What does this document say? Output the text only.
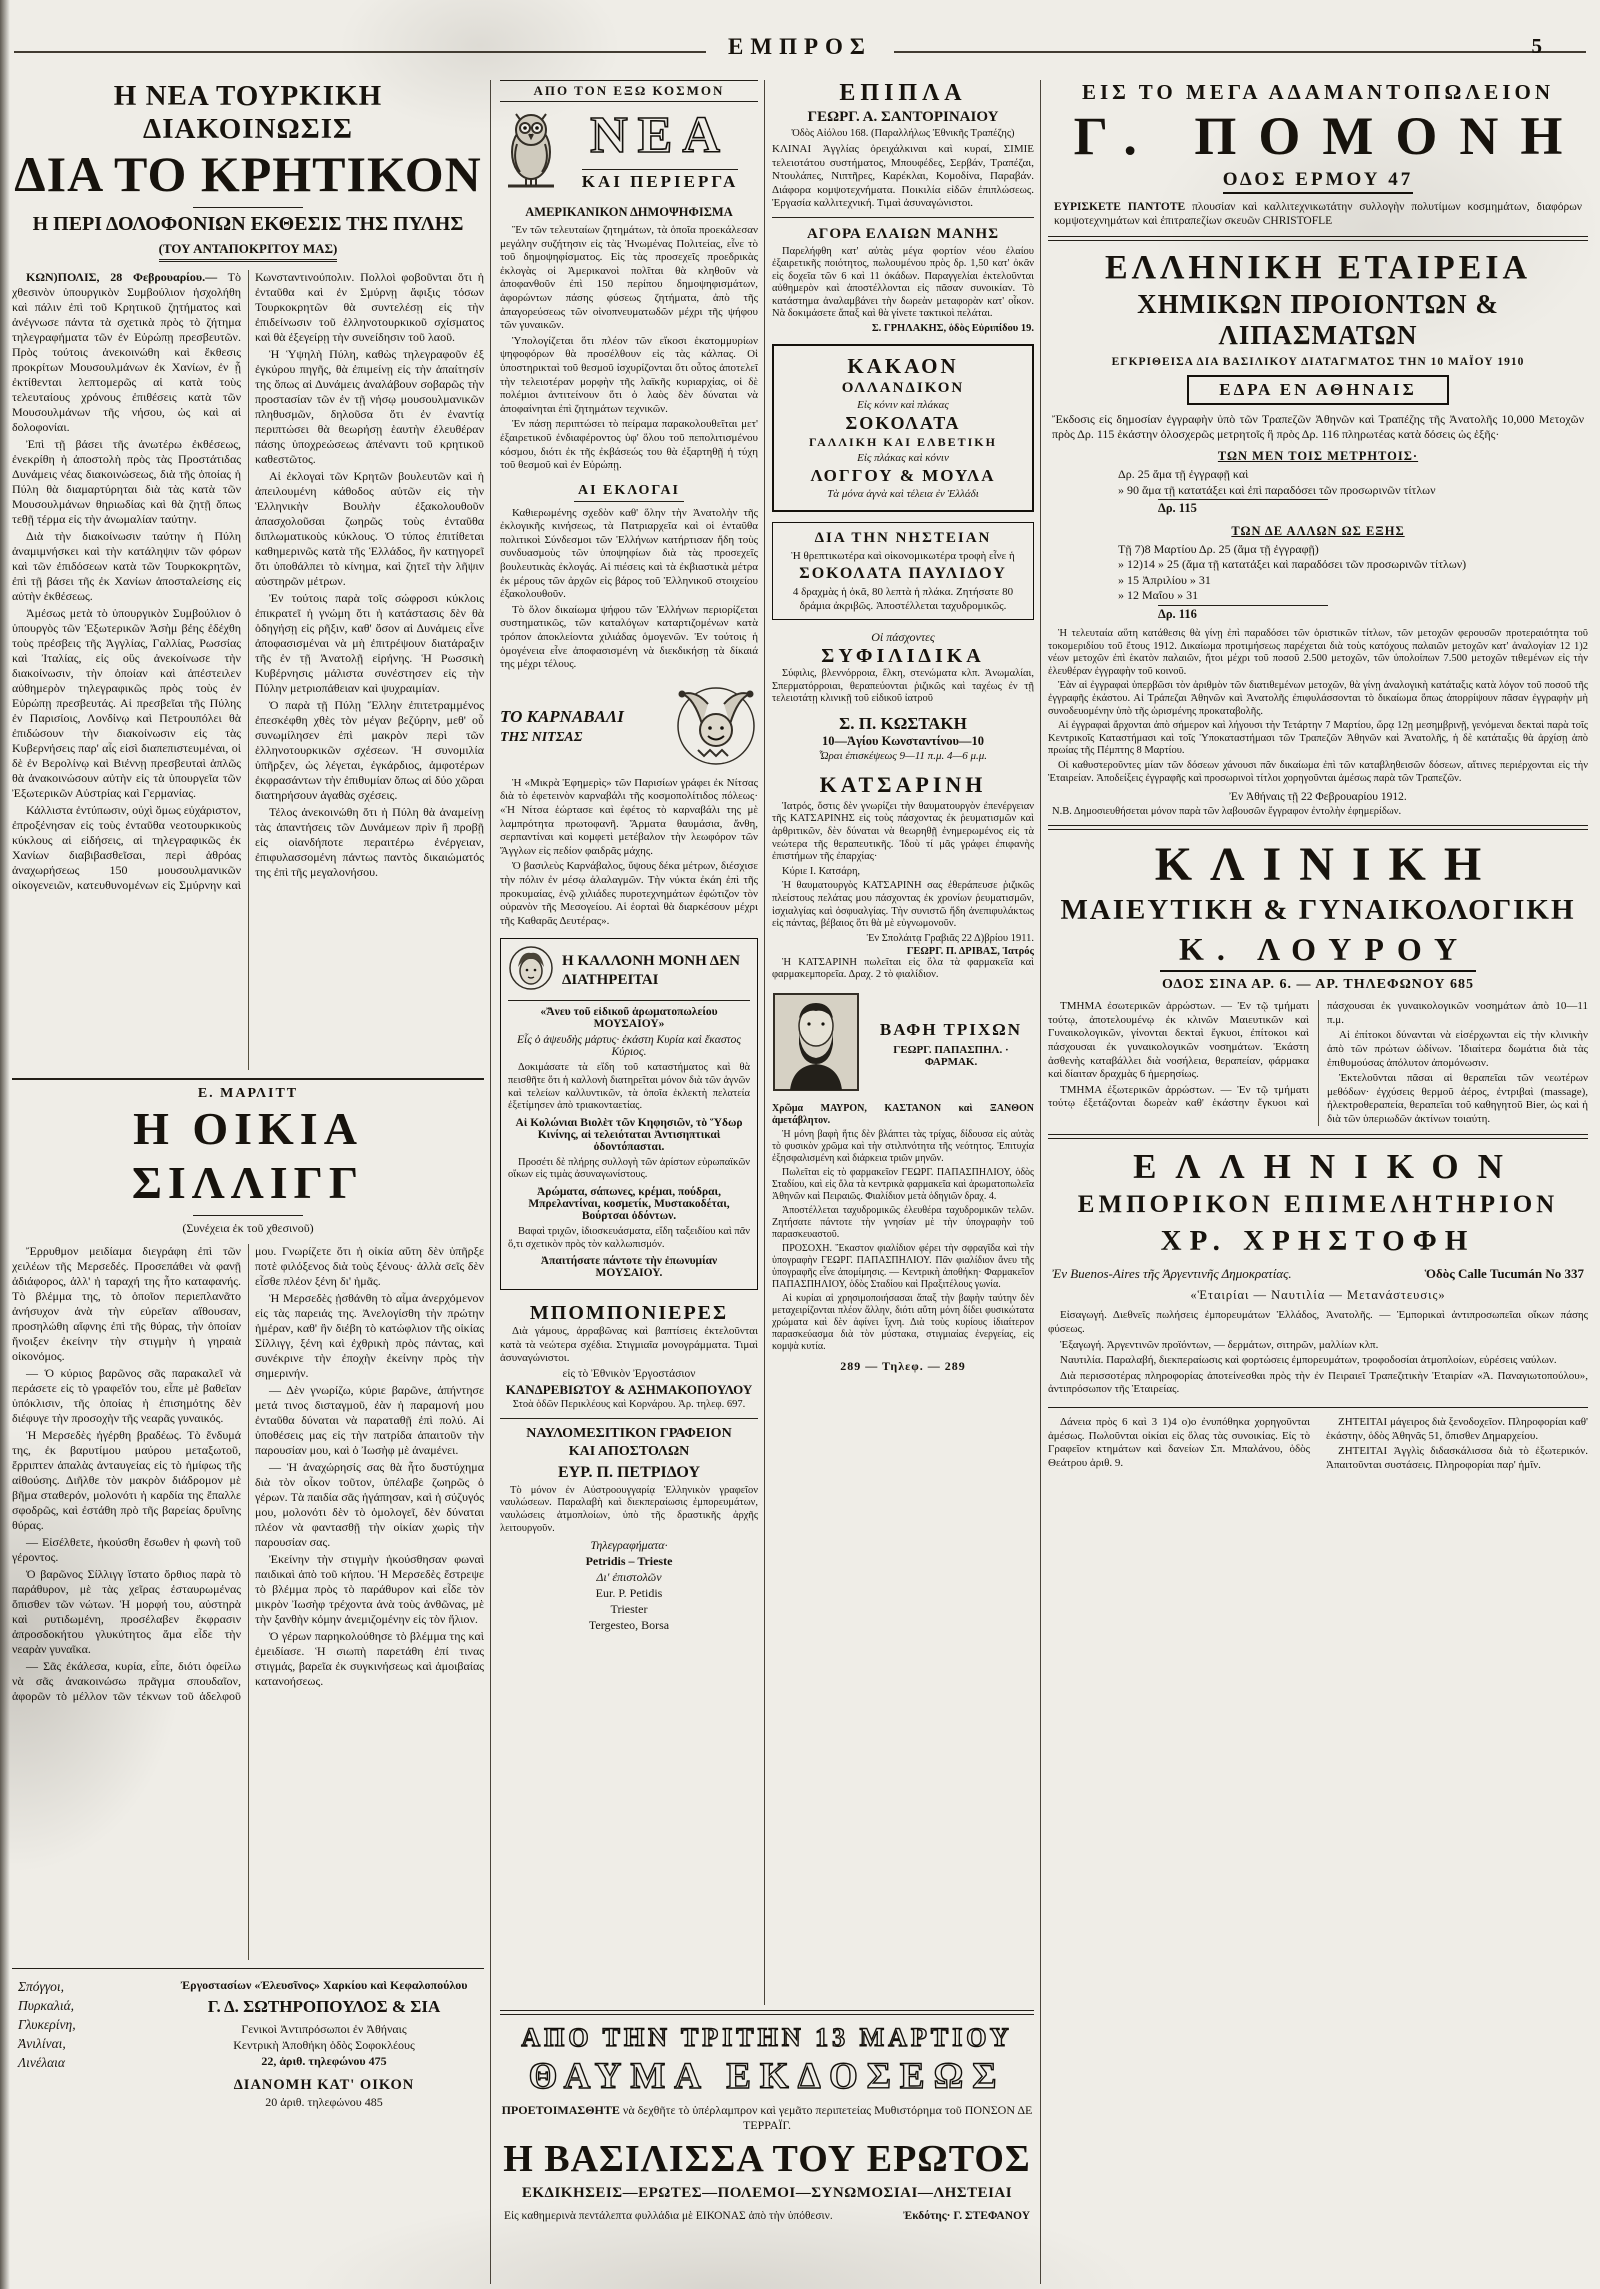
ΕΜΠΡΟΣ	5
Η ΝΕΑ ΤΟΥΡΚΙΚΗ ΔΙΑΚΟΙΝΩΣΙΣ
ΔΙΑ ΤΟ ΚΡΗΤΙΚΟΝ
Η ΠΕΡΙ ΔΟΛΟΦΟΝΙΩΝ ΕΚΘΕΣΙΣ ΤΗΣ ΠΥΛΗΣ
(ΤΟΥ ΑΝΤΑΠΟΚΡΙΤΟΥ ΜΑΣ)

ΚΩΝ)ΠΟΛΙΣ, 28 Φεβρουαρίου.— Τὸ χθεσινὸν ὑπουργικὸν Συμβούλιον ἠσχολήθη καὶ πάλιν ἐπὶ τοῦ Κρητικοῦ ζητήματος καὶ ἀνέγνωσε πάντα τὰ σχετικὰ πρὸς τὸ ζήτημα τηλεγραφήματα τῶν ἐν Εὐρώπῃ πρεσβευτῶν. Πρὸς τούτοις ἀνεκοινώθη καὶ ἔκθεσις προκρίτων Μουσουλμάνων ἐκ Χανίων, ἐν ᾗ ἐκτίθενται λεπτομερῶς αἱ κατὰ τοὺς τελευταίους χρόνους ἐπιθέσεις κατὰ τῶν Μουσουλμάνων τῆς νήσου, ὡς καὶ αἱ δολοφονίαι.

Ἐπὶ τῇ βάσει τῆς ἀνωτέρω ἐκθέσεως, ἐνεκρίθη ἡ ἀποστολὴ πρὸς τὰς Προστάτιδας Δυνάμεις νέας διακοινώσεως, διὰ τῆς ὁποίας ἡ Πύλη θὰ διαμαρτύρηται διὰ τὰς κατὰ τῶν Μουσουλμάνων θηριωδίας καὶ θὰ ζητῇ ὅπως τεθῇ τέρμα εἰς τὴν ἀνωμαλίαν ταύτην.

Διὰ τὴν διακοίνωσιν ταύτην ἡ Πύλη ἀναμιμνήσκει καὶ τὴν κατάληψιν τῶν φόρων καὶ τῶν ἐπιδόσεων κατὰ τῶν Τουρκοκρητῶν, ἐπὶ τῇ βάσει τῆς ἐκ Χανίων ἀποσταλείσης εἰς αὐτὴν ἐκθέσεως.

Ἀμέσως μετὰ τὸ ὑπουργικὸν Συμβούλιον ὁ ὑπουργὸς τῶν Ἐξωτερικῶν Ἀσὴμ βέης ἐδέχθη τοὺς πρέσβεις τῆς Ἀγγλίας, Γαλλίας, Ρωσσίας καὶ Ἰταλίας, εἰς οὓς ἀνεκοίνωσε τὴν διακοίνωσιν, τὴν ὁποίαν καὶ ἀπέστειλεν αὐθημερὸν τηλεγραφικῶς πρὸς τοὺς ἐν Εὐρώπῃ πρεσβευτάς. Αἱ πρεσβεῖαι τῆς Πύλης ἐν Παρισίοις, Λονδίνῳ καὶ Πετρουπόλει θὰ ἐπιδώσουν τὴν διακοίνωσιν εἰς τὰς Κυβερνήσεις παρ' αἷς εἰσὶ διαπεπιστευμέναι, οἱ δὲ ἐν Βερολίνῳ καὶ Βιέννῃ πρεσβευταὶ ἁπλῶς θὰ ἀνακοινώσουν αὐτὴν εἰς τὰ ὑπουργεῖα τῶν Ἐξωτερικῶν Αὐστρίας καὶ Γερμανίας.

Κάλλιστα ἐντύπωσιν, οὐχὶ ὅμως εὐχάριστον, ἐπροξένησαν εἰς τοὺς ἐνταῦθα νεοτουρκικοὺς κύκλους αἱ εἰδήσεις, αἱ τηλεγραφικῶς ἐκ Χανίων διαβιβασθεῖσαι, περὶ ἀθρόας ἀναχωρήσεως 150 μουσουλμανικῶν οἰκογενειῶν, κατευθυνομένων εἰς Σμύρνην καὶ Κωνσταντινούπολιν. Πολλοὶ φοβοῦνται ὅτι ἡ ἐνταῦθα καὶ ἐν Σμύρνῃ ἄφιξις τόσων Τουρκοκρητῶν θὰ συντελέσῃ εἰς τὴν ἐπιδείνωσιν τοῦ ἑλληνοτουρκικοῦ σχίσματος καὶ θὰ ἐξεγείρῃ τὴν συνείδησιν τοῦ λαοῦ.

Ἡ Ὑψηλὴ Πύλη, καθὼς τηλεγραφοῦν ἐξ ἐγκύρου πηγῆς, θὰ ἐπιμείνῃ εἰς τὴν ἀπαίτησίν της ὅπως αἱ Δυνάμεις ἀναλάβουν σοβαρῶς τὴν προστασίαν τῶν ἐν τῇ νήσῳ μουσουλμανικῶν πληθυσμῶν, δηλοῦσα ὅτι ἐν ἐναντίᾳ περιπτώσει θὰ θεωρήσῃ ἑαυτὴν ἐλευθέραν πάσης ὑποχρεώσεως ἀπέναντι τοῦ κρητικοῦ καθεστῶτος.

Αἱ ἐκλογαὶ τῶν Κρητῶν βουλευτῶν καὶ ἡ ἀπειλουμένη κάθοδος αὐτῶν εἰς τὴν Ἑλληνικὴν Βουλὴν ἐξακολουθοῦν ἀπασχολοῦσαι ζωηρῶς τοὺς ἐνταῦθα διπλωματικοὺς κύκλους. Ὁ τύπος ἐπιτίθεται καθημερινῶς κατὰ τῆς Ἑλλάδος, ἣν κατηγορεῖ ὅτι ὑποθάλπει τὸ κίνημα, καὶ ζητεῖ τὴν λῆψιν αὐστηρῶν μέτρων.

Ἐν τούτοις παρὰ τοῖς σώφροσι κύκλοις ἐπικρατεῖ ἡ γνώμη ὅτι ἡ κατάστασις δὲν θὰ ὁδηγήσῃ εἰς ρῆξιν, καθ' ὅσον αἱ Δυνάμεις εἶνε ἀποφασισμέναι νὰ μὴ ἐπιτρέψουν διατάραξιν τῆς ἐν τῇ Ἀνατολῇ εἰρήνης. Ἡ Ρωσσικὴ Κυβέρνησις μάλιστα συνέστησεν εἰς τὴν Πύλην μετριοπάθειαν καὶ ψυχραιμίαν.

Ὁ παρὰ τῇ Πύλῃ Ἕλλην ἐπιτετραμμένος ἐπεσκέφθη χθὲς τὸν μέγαν βεζύρην, μεθ' οὗ συνωμίλησεν ἐπὶ μακρὸν περὶ τῶν ἑλληνοτουρκικῶν σχέσεων. Ἡ συνομιλία ὑπῆρξεν, ὡς λέγεται, ἐγκάρδιος, ἀμφοτέρων ἐκφρασάντων τὴν ἐπιθυμίαν ὅπως αἱ δύο χῶραι διατηρήσουν ἀγαθὰς σχέσεις.

Τέλος ἀνεκοινώθη ὅτι ἡ Πύλη θὰ ἀναμείνῃ τὰς ἀπαντήσεις τῶν Δυνάμεων πρὶν ἢ προβῇ εἰς οἱανδήποτε περαιτέρω ἐνέργειαν, ἐπιφυλασσομένη πάντως παντὸς δικαιώματός της ἐπὶ τῆς μεγαλονήσου.

Ε. ΜΑΡΛΙΤΤ
Η ΟΙΚΙΑ ΣΙΛΛΙΓΓ
(Συνέχεια ἐκ τοῦ χθεσινοῦ)

Ἔρρυθμον μειδίαμα διεγράφη ἐπὶ τῶν χειλέων τῆς Μερσεδές. Προσεπάθει νὰ φανῇ ἀδιάφορος, ἀλλ' ἡ ταραχή της ἦτο καταφανής. Τὸ βλέμμα της, τὸ ὁποῖον περιεπλανᾶτο ἀνήσυχον ἀνὰ τὴν εὐρεῖαν αἴθουσαν, προσηλώθη αἴφνης ἐπὶ τῆς θύρας, τὴν ὁποίαν ἤνοιξεν ἐκείνην τὴν στιγμὴν ἡ γηραιὰ οἰκονόμος.

— Ὁ κύριος βαρῶνος σᾶς παρακαλεῖ νὰ περάσετε εἰς τὸ γραφεῖόν του, εἶπε μὲ βαθεῖαν ὑπόκλισιν, τῆς ὁποίας ἡ ἐπισημότης δὲν διέφυγε τὴν προσοχὴν τῆς νεαρᾶς γυναικός.

Ἡ Μερσεδὲς ἠγέρθη βραδέως. Τὸ ἔνδυμά της, ἐκ βαρυτίμου μαύρου μεταξωτοῦ, ἔρριπτεν ἀπαλὰς ἀνταυγείας εἰς τὸ ἡμίφως τῆς αἰθούσης. Διῆλθε τὸν μακρὸν διάδρομον μὲ βῆμα σταθερόν, μολονότι ἡ καρδία της ἔπαλλε σφοδρῶς, καὶ ἐστάθη πρὸ τῆς βαρείας δρυΐνης θύρας.

— Εἰσέλθετε, ἠκούσθη ἔσωθεν ἡ φωνὴ τοῦ γέροντος.

Ὁ βαρῶνος Σίλλιγγ ἵστατο ὄρθιος παρὰ τὸ παράθυρον, μὲ τὰς χεῖρας ἐσταυρωμένας ὄπισθεν τῶν νώτων. Ἡ μορφή του, αὐστηρὰ καὶ ρυτιδωμένη, προσέλαβεν ἔκφρασιν ἀπροσδοκήτου γλυκύτητος ἅμα εἶδε τὴν νεαρὰν γυναῖκα.

— Σᾶς ἐκάλεσα, κυρία, εἶπε, διότι ὀφείλω νὰ σᾶς ἀνακοινώσω πρᾶγμα σπουδαῖον, ἀφορῶν τὸ μέλλον τῶν τέκνων τοῦ ἀδελφοῦ μου. Γνωρίζετε ὅτι ἡ οἰκία αὕτη δὲν ὑπῆρξε ποτὲ φιλόξενος διὰ τοὺς ξένους· ἀλλὰ σεῖς δὲν εἶσθε πλέον ξένη δι' ἡμᾶς.

Ἡ Μερσεδὲς ᾐσθάνθη τὸ αἷμα ἀνερχόμενον εἰς τὰς παρειάς της. Ἀνελογίσθη τὴν πρώτην ἡμέραν, καθ' ἣν διέβη τὸ κατώφλιον τῆς οἰκίας Σίλλιγγ, ξένη καὶ ἐχθρικὴ πρὸς πάντας, καὶ συνέκρινε τὴν ἐποχὴν ἐκείνην πρὸς τὴν σημερινήν.

— Δὲν γνωρίζω, κύριε βαρῶνε, ἀπήντησε μετά τινος δισταγμοῦ, ἐὰν ἡ παραμονή μου ἐνταῦθα δύναται νὰ παραταθῇ ἐπὶ πολύ. Αἱ ὑποθέσεις μας εἰς τὴν πατρίδα ἀπαιτοῦν τὴν παρουσίαν μου, καὶ ὁ Ἰωσὴφ μὲ ἀναμένει.

— Ἡ ἀναχώρησίς σας θὰ ἦτο δυστύχημα διὰ τὸν οἶκον τοῦτον, ὑπέλαβε ζωηρῶς ὁ γέρων. Τὰ παιδία σᾶς ἠγάπησαν, καὶ ἡ σύζυγός μου, μολονότι δὲν τὸ ὁμολογεῖ, δὲν δύναται πλέον νὰ φαντασθῇ τὴν οἰκίαν χωρὶς τὴν παρουσίαν σας.

Ἐκείνην τὴν στιγμὴν ἠκούσθησαν φωναὶ παιδικαὶ ἀπὸ τοῦ κήπου. Ἡ Μερσεδὲς ἔστρεψε τὸ βλέμμα πρὸς τὸ παράθυρον καὶ εἶδε τὸν μικρὸν Ἰωσὴφ τρέχοντα ἀνὰ τοὺς ἀνθῶνας, μὲ τὴν ξανθὴν κόμην ἀνεμιζομένην εἰς τὸν ἥλιον.

Ὁ γέρων παρηκολούθησε τὸ βλέμμα της καὶ ἐμειδίασε. Ἡ σιωπὴ παρετάθη ἐπί τινας στιγμάς, βαρεῖα ἐκ συγκινήσεως καὶ ἀμοιβαίας κατανοήσεως.

Σπόγγοι,
Πυρκαλιά,
Γλυκερίνη,
Ἀνιλίναι,
Λινέλαια
Ἐργοστασίων «Ἐλευσῖνος» Χαρκίου καὶ Κεφαλοπούλου
Γ. Δ. ΣΩΤΗΡΟΠΟΥΛΟΣ & ΣΙΑ
Γενικοὶ Ἀντιπρόσωποι ἐν Ἀθήναις
Κεντρικὴ Ἀποθήκη ὁδὸς Σοφοκλέους
22, ἀριθ. τηλεφώνου 475
ΔΙΑΝΟΜΗ ΚΑΤ' ΟΙΚΟΝ
20 ἀριθ. τηλεφώνου 485
ΑΠΟ ΤΟΝ ΕΞΩ ΚΟΣΜΟΝ
ΝΕΑ
ΚΑΙ ΠΕΡΙΕΡΓΑ
ΑΜΕΡΙΚΑΝΙΚΟΝ ΔΗΜΟΨΗΦΙΣΜΑ

Ἓν τῶν τελευταίων ζητημάτων, τὰ ὁποῖα προεκάλεσαν μεγάλην συζήτησιν εἰς τὰς Ἡνωμένας Πολιτείας, εἶνε τὸ τοῦ δημοψηφίσματος. Εἰς τὰς προσεχεῖς προεδρικὰς ἐκλογὰς οἱ Ἀμερικανοὶ πολῖται θὰ κληθοῦν νὰ ἀποφανθοῦν ἐπὶ 150 περίπου δημοψηφισμάτων, ἀφορώντων πάσης φύσεως ζητήματα, ἀπὸ τῆς ἀπαγορεύσεως τῶν οἰνοπνευματωδῶν μέχρι τῆς ψήφου τῶν γυναικῶν.

Ὑπολογίζεται ὅτι πλέον τῶν εἴκοσι ἑκατομμυρίων ψηφοφόρων θὰ προσέλθουν εἰς τὰς κάλπας. Οἱ ὑποστηρικταὶ τοῦ θεσμοῦ ἰσχυρίζονται ὅτι οὗτος ἀποτελεῖ τὴν τελειοτέραν μορφὴν τῆς λαϊκῆς κυριαρχίας, οἱ δὲ πολέμιοι ἀντιτείνουν ὅτι ὁ λαὸς δὲν δύναται νὰ ἀποφαίνηται ἐπὶ ζητημάτων τεχνικῶν.

Ἐν πάσῃ περιπτώσει τὸ πείραμα παρακολουθεῖται μετ' ἐξαιρετικοῦ ἐνδιαφέροντος ὑφ' ὅλου τοῦ πεπολιτισμένου κόσμου, διότι ἐκ τῆς ἐκβάσεώς του θὰ ἐξαρτηθῇ ἡ τύχη τοῦ θεσμοῦ καὶ ἐν Εὐρώπῃ.

ΑΙ ΕΚΛΟΓΑΙ

Καθιερωμένης σχεδὸν καθ' ὅλην τὴν Ἀνατολὴν τῆς ἐκλογικῆς κινήσεως, τὰ Πατριαρχεῖα καὶ οἱ ἐνταῦθα πολιτικοὶ Σύνδεσμοι τῶν Ἑλλήνων κατήρτισαν ἤδη τοὺς συνδυασμοὺς τῶν ὑποψηφίων διὰ τὰς προσεχεῖς βουλευτικὰς ἐκλογάς. Αἱ πιέσεις καὶ τὰ ἐκβιαστικὰ μέτρα ἐκ μέρους τῶν ἀρχῶν εἰς βάρος τοῦ Ἑλληνικοῦ στοιχείου ἐξακολουθοῦν.

Τὸ ὅλον δικαίωμα ψήφου τῶν Ἑλλήνων περιορίζεται συστηματικῶς, τῶν καταλόγων καταρτιζομένων κατὰ τρόπον ἀποκλείοντα χιλιάδας ὁμογενῶν. Ἐν τούτοις ἡ ὁμογένεια εἶνε ἀποφασισμένη νὰ διεκδικήσῃ τὰ δίκαιά της μέχρι τέλους.

ΤΟ ΚΑΡΝΑΒΑΛΙ
ΤΗΣ ΝΙΤΣΑΣ

Ἡ «Μικρὰ Ἐφημερὶς» τῶν Παρισίων γράφει ἐκ Νίτσας διὰ τὸ ἐφετεινὸν καρναβάλι τῆς κοσμοπολίτιδος πόλεως· «Ἡ Νίτσα ἑώρτασε καὶ ἐφέτος τὸ καρναβάλι της μὲ λαμπρότητα πρωτοφανῆ. Ἅρματα θαυμάσια, ἄνθη, σερπαντίναι καὶ κομφετὶ μετέβαλον τὴν λεωφόρον τῶν Ἄγγλων εἰς πεδίον φαιδρᾶς μάχης.

Ὁ βασιλεὺς Καρνάβαλος, ὕψους δέκα μέτρων, διέσχισε τὴν πόλιν ἐν μέσῳ ἀλαλαγμῶν. Τὴν νύκτα ἐκάη ἐπὶ τῆς προκυμαίας, ἐνῷ χιλιάδες πυροτεχνημάτων ἐφώτιζον τὸν οὐρανὸν τῆς Μεσογείου. Αἱ ἑορταὶ θὰ διαρκέσουν μέχρι τῆς Καθαρᾶς Δευτέρας».

Η ΚΑΛΛΟΝΗ ΜΟΝΗ ΔΕΝ ΔΙΑΤΗΡΕΙΤΑΙ
«Ἄνευ τοῦ εἰδικοῦ ἀρωματοπωλείου ΜΟΥΣΑΙΟΥ»
Εἷς ὁ ἀψευδὴς μάρτυς· ἑκάστη Κυρία καὶ ἕκαστος Κύριος.

Δοκιμάσατε τὰ εἴδη τοῦ καταστήματος καὶ θὰ πεισθῆτε ὅτι ἡ καλλονὴ διατηρεῖται μόνον διὰ τῶν ἁγνῶν καὶ τελείων καλλυντικῶν, τὰ ὁποῖα ἐκλεκτὴ πελατεία ἐξετίμησεν ἀπὸ τριακονταετίας.

Αἱ Κολώνιαι Βιολὲτ τῶν Κηφησιῶν, τὸ Ὕδωρ Κινίνης, αἱ τελειόταται Ἀντισηπτικαὶ ὀδοντόπασται.

Προσέτι δὲ πλήρης συλλογὴ τῶν ἀρίστων εὐρωπαϊκῶν οἴκων εἰς τιμὰς ἀσυναγωνίστους.

Ἀρώματα, σάπωνες, κρέμαι, πούδραι, Μπρελαντίναι, κοσμετίκ, Μυστακοδέται, Βούρτσαι ὀδόντων.

Βαφαὶ τριχῶν, ἰδιοσκευάσματα, εἴδη ταξειδίου καὶ πᾶν ὅ,τι σχετικὸν πρὸς τὸν καλλωπισμόν.

Ἀπαιτήσατε πάντοτε τὴν ἐπωνυμίαν ΜΟΥΣΑΙΟΥ.
ΜΠΟΜΠΟΝΙΕΡΕΣ

Διὰ γάμους, ἀρραβῶνας καὶ βαπτίσεις ἐκτελοῦνται κατὰ τὰ νεώτερα σχέδια. Στιγμιαῖα μονογράμματα. Τιμαὶ ἀσυναγώνιστοι.

εἰς τὸ Ἐθνικὸν Ἐργοστάσιον
ΚΑΝΔΡΕΒΙΩΤΟΥ & ΑΣΗΜΑΚΟΠΟΥΛΟΥ
Στοὰ ὁδῶν Περικλέους καὶ Κορνάρου. Ἀρ. τηλεφ. 697.
ΝΑΥΛΟΜΕΣΙΤΙΚΟΝ ΓΡΑΦΕΙΟΝ
ΚΑΙ ΑΠΟΣΤΟΛΩΝ
ΕΥΡ. Π. ΠΕΤΡΙΔΟΥ

Τὸ μόνον ἐν Αὐστροουγγαρίᾳ Ἑλληνικὸν γραφεῖον ναυλώσεων. Παραλαβὴ καὶ διεκπεραίωσις ἐμπορευμάτων, ναυλώσεις ἀτμοπλοίων, ὑπὸ τῆς δραστικῆς ἀρχῆς λειτουργοῦν.

Τηλεγραφήματα·
Petridis – Trieste
Δι' ἐπιστολῶν
Eur. P. Petidis
Triester
Tergesteo, Borsa
ΕΠΙΠΛΑ
ΓΕΩΡΓ. Α. ΣΑΝΤΟΡΙΝΑΙΟΥ
Ὁδὸς Αἰόλου 168. (Παραλλήλως Ἐθνικῆς Τραπέζης)
ΚΛΙΝΑΙ Ἀγγλίας ὀρειχάλκιναι καὶ κυραί, ΣΙΜΙΕ τελειοτάτου συστήματος, Μπουφέδες, Σερβάν, Τραπέζαι, Ντουλάπες, Νιπτῆρες, Καρέκλαι, Κομοδίνα, Παραβάν. Διάφορα κομψοτεχνήματα. Ποικιλία εἰδῶν ἐπιπλώσεως. Ἐργασία καλλιτεχνική. Τιμαὶ ἀσυναγώνιστοι.
ΑΓΟΡΑ ΕΛΑΙΩΝ ΜΑΝΗΣ

Παρελήφθη κατ' αὐτὰς μέγα φορτίον νέου ἐλαίου ἐξαιρετικῆς ποιότητος, πωλουμένου πρὸς δρ. 1,50 κατ' ὀκᾶν εἰς δοχεῖα τῶν 6 καὶ 11 ὀκάδων. Παραγγελίαι ἐκτελοῦνται αὐθημερὸν καὶ ἀποστέλλονται εἰς πᾶσαν συνοικίαν. Τὸ κατάστημα ἀναλαμβάνει τὴν δωρεὰν μεταφορὰν κατ' οἶκον. Νὰ δοκιμάσετε ἅπαξ καὶ θὰ γίνετε τακτικοὶ πελάται.

Σ. ΓΡΗΛΑΚΗΣ, ὁδὸς Εὐριπίδου 19.
ΚΑΚΑΟΝ
ΟΛΛΑΝΔΙΚΟΝ
Εἰς κόνιν καὶ πλάκας
ΣΟΚΟΛΑΤΑ
ΓΑΛΛΙΚΗ ΚΑΙ ΕΛΒΕΤΙΚΗ
Εἰς πλάκας καὶ κόνιν
ΛΟΓΓΟΥ & ΜΟΥΛΑ
Τὰ μόνα ἁγνὰ καὶ τέλεια ἐν Ἑλλάδι
ΔΙΑ ΤΗΝ ΝΗΣΤΕΙΑΝ
Ἡ θρεπτικωτέρα καὶ οἰκονομικωτέρα τροφὴ εἶνε ἡ
ΣΟΚΟΛΑΤΑ ΠΑΥΛΙΔΟΥ
4 δραχμὰς ἡ ὀκᾶ, 80 λεπτὰ ἡ πλάκα. Ζητήσατε 80 δράμια ἀκριβῶς. Ἀποστέλλεται ταχυδρομικῶς.
Οἱ πάσχοντες
ΣΥΦΙΛΙΔΙΚΑ

Σύφιλις, βλεννόρροια, ἕλκη, στενώματα κλπ. Ἀνωμαλίαι, Σπερματόρροιαι, θεραπεύονται ῥιζικῶς καὶ ταχέως ἐν τῇ τελειοτάτῃ κλινικῇ τοῦ εἰδικοῦ ἰατροῦ

Σ. Π. ΚΩΣΤΑΚΗ
10—Ἁγίου Κωνσταντίνου—10
Ὧραι ἐπισκέψεως 9—11 π.μ. 4—6 μ.μ.
ΚΑΤΣΑΡΙΝΗ

Ἰατρός, ὅστις δὲν γνωρίζει τὴν θαυματουργὸν ἐπενέργειαν τῆς ΚΑΤΣΑΡΙΝΗΣ εἰς τοὺς πάσχοντας ἐκ ῥευματισμῶν καὶ ἀρθριτικῶν, δὲν δύναται νὰ θεωρηθῇ ἐνημερωμένος εἰς τὰ νεώτερα τῆς θεραπευτικῆς. Ἰδοὺ τί μᾶς γράφει ἐπιφανὴς ἐπιστήμων τῆς ἐπαρχίας·

Κύριε Ι. Κατσάρη,

Ἡ θαυματουργὸς ΚΑΤΣΑΡΙΝΗ σας ἐθεράπευσε ῥιζικῶς πλείστους πελάτας μου πάσχοντας ἐκ χρονίων ῥευματισμῶν, ἰσχιαλγίας καὶ ὀσφυαλγίας. Τὴν συνιστῶ ἤδη ἀνεπιφυλάκτως εἰς πάντας, βέβαιος ὅτι θὰ μὲ εὐγνωμονοῦν.

Ἐν Σπολάιτᾳ Γραβιᾶς 22 Δ)βρίου 1911.
ΓΕΩΡΓ. Π. ΔΡΙΒΑΣ, Ἰατρός

Ἡ ΚΑΤΣΑΡΙΝΗ πωλεῖται εἰς ὅλα τὰ φαρμακεῖα καὶ φαρμακεμπορεῖα. Δραχ. 2 τὸ φιαλίδιον.

ΒΑΦΗ ΤΡΙΧΩΝ
ΓΕΩΡΓ. ΠΑΠΑΣΠΗΛ. · ΦΑΡΜΑΚ.

Χρῶμα ΜΑΥΡΟΝ, ΚΑΣΤΑΝΟΝ καὶ ΞΑΝΘΟΝ ἀμετάβλητον.

Ἡ μόνη βαφὴ ἥτις δὲν βλάπτει τὰς τρίχας, δίδουσα εἰς αὐτὰς τὸ φυσικὸν χρῶμα καὶ τὴν στιλπνότητα τῆς νεότητος. Ἐπιτυχία ἐξησφαλισμένη καὶ διάρκεια τριῶν μηνῶν.

Πωλεῖται εἰς τὸ φαρμακεῖον ΓΕΩΡΓ. ΠΑΠΑΣΠΗΛΙΟΥ, ὁδὸς Σταδίου, καὶ εἰς ὅλα τὰ κεντρικὰ φαρμακεῖα καὶ ἀρωματοπωλεῖα Ἀθηνῶν καὶ Πειραιῶς. Φιαλίδιον μετὰ ὁδηγιῶν δραχ. 4.

Ἀποστέλλεται ταχυδρομικῶς ἐλευθέρα ταχυδρομικῶν τελῶν. Ζητήσατε πάντοτε τὴν γνησίαν μὲ τὴν ὑπογραφὴν τοῦ παρασκευαστοῦ.

ΠΡΟΣΟΧΗ. Ἕκαστον φιαλίδιον φέρει τὴν σφραγῖδα καὶ τὴν ὑπογραφὴν ΓΕΩΡΓ. ΠΑΠΑΣΠΗΛΙΟΥ. Πᾶν φιαλίδιον ἄνευ τῆς ὑπογραφῆς εἶνε ἀπομίμησις. — Κεντρικὴ ἀποθήκη· Φαρμακεῖον ΠΑΠΑΣΠΗΛΙΟΥ, ὁδὸς Σταδίου καὶ Πραξιτέλους γωνία.

Αἱ κυρίαι αἱ χρησιμοποιήσασαι ἅπαξ τὴν βαφὴν ταύτην δὲν μεταχειρίζονται πλέον ἄλλην, διότι αὕτη μόνη δίδει φυσικώτατα χρώματα καὶ δὲν ἀφίνει ἴχνη. Διὰ τοὺς κυρίους ἰδιαίτερον παρασκεύασμα διὰ τὸν μύστακα, στιγμιαίας ἐνεργείας, εἰς κομψὰ κυτία.

289 — Τηλεφ. — 289
ΑΠΟ ΤΗΝ ΤΡΙΤΗΝ 13 ΜΑΡΤΙΟΥ
ΘΑΥΜΑ ΕΚΔΟΣΕΩΣ
ΠΡΟΕΤΟΙΜΑΣΘΗΤΕ νὰ δεχθῆτε τὸ ὑπέρλαμπρον καὶ γεμᾶτο περιπετείας Μυθιστόρημα τοῦ ΠΟΝΣΟΝ ΔΕ ΤΕΡΡΑΪΓ.
Η ΒΑΣΙΛΙΣΣΑ ΤΟΥ ΕΡΩΤΟΣ
ΕΚΔΙΚΗΣΕΙΣ—ΕΡΩΤΕΣ—ΠΟΛΕΜΟΙ—ΣΥΝΩΜΟΣΙΑΙ—ΛΗΣΤΕΙΑΙ
Εἰς καθημερινὰ πεντάλεπτα φυλλάδια μὲ ΕΙΚΟΝΑΣ ἀπὸ τὴν ὑπόθεσιν.	Ἐκδότης· Γ. ΣΤΕΦΑΝΟΥ
ΕΙΣ ΤΟ ΜΕΓΑ ΑΔΑΜΑΝΤΟΠΩΛΕΙΟΝ
Γ. ΠΟΜΟΝΗ
ΟΔΟΣ ΕΡΜΟΥ 47
ΕΥΡΙΣΚΕΤΕ ΠΑΝΤΟΤΕ πλουσίαν καὶ καλλιτεχνικωτάτην συλλογὴν πολυτίμων κοσμημάτων, διαφόρων κομψοτεχνημάτων καὶ ἐπιτραπεζίων σκευῶν CHRISTOFLE
ΕΛΛΗΝΙΚΗ ΕΤΑΙΡΕΙΑ
ΧΗΜΙΚΩΝ ΠΡΟΙΟΝΤΩΝ & ΛΙΠΑΣΜΑΤΩΝ
ΕΓΚΡΙΘΕΙΣΑ ΔΙΑ ΒΑΣΙΛΙΚΟΥ ΔΙΑΤΑΓΜΑΤΟΣ ΤΗΝ 10 ΜΑΪΟΥ 1910
ΕΔΡΑ ΕΝ ΑΘΗΝΑΙΣ
Ἔκδοσις εἰς δημοσίαν ἐγγραφὴν ὑπὸ τῶν Τραπεζῶν Ἀθηνῶν καὶ Τραπέζης τῆς Ἀνατολῆς 10,000 Μετοχῶν πρὸς Δρ. 115 ἑκάστην ὁλοσχερῶς μετρητοῖς ἢ πρὸς Δρ. 116 πληρωτέας κατὰ δόσεις ὡς ἑξῆς·
ΤΩΝ ΜΕΝ ΤΟΙΣ ΜΕΤΡΗΤΟΙΣ·
Δρ. 25 ἅμα τῇ ἐγγραφῇ καὶ
» 90 ἅμα τῇ κατατάξει καὶ ἐπὶ παραδόσει τῶν προσωρινῶν τίτλων
Δρ. 115
ΤΩΝ ΔΕ ΑΛΛΩΝ ΩΣ ΕΞΗΣ
Τῇ 7)8 Μαρτίου Δρ. 25 (ἅμα τῇ ἐγγραφῇ)
» 12)14 » 25 (ἅμα τῇ κατατάξει καὶ παραδόσει τῶν προσωρινῶν τίτλων)
» 15 Ἀπριλίου » 31
» 12 Μαΐου » 31
Δρ. 116

Ἡ τελευταία αὕτη κατάθεσις θὰ γίνῃ ἐπὶ παραδόσει τῶν ὁριστικῶν τίτλων, τῶν μετοχῶν φερουσῶν προτεραιότητα τοῦ τοκομεριδίου τοῦ ἔτους 1912. Δικαίωμα προτιμήσεως παρέχεται διὰ τοὺς κατόχους παλαιῶν μετοχῶν κατ' ἀναλογίαν 12 1)2 νέων μετοχῶν ἐπὶ ἑκατὸν παλαιῶν, ἤτοι μέχρι τοῦ ποσοῦ 2.500 μετοχῶν, τῶν ὑπολοίπων 7.500 μετοχῶν τιθεμένων εἰς τὴν ἐλευθέραν ἐγγραφὴν τοῦ κοινοῦ.

Ἐὰν αἱ ἐγγραφαὶ ὑπερβῶσι τὸν ἀριθμὸν τῶν διατιθεμένων μετοχῶν, θὰ γίνῃ ἀναλογικὴ κατάταξις κατὰ λόγον τοῦ ποσοῦ τῆς ἐγγραφῆς ἑκάστου. Αἱ Τράπεζαι Ἀθηνῶν καὶ Ἀνατολῆς ἐπιφυλάσσονται τὸ δικαίωμα ὅπως ἀπορρίψουν πᾶσαν ἐγγραφὴν μὴ συνοδευομένην ὑπὸ τῆς ὡρισμένης προκαταβολῆς.

Αἱ ἐγγραφαὶ ἄρχονται ἀπὸ σήμερον καὶ λήγουσι τὴν Τετάρτην 7 Μαρτίου, ὥρᾳ 12ῃ μεσημβρινῇ, γενόμεναι δεκταὶ παρὰ τοῖς Κεντρικοῖς Καταστήμασι καὶ τοῖς Ὑποκαταστήμασι τῶν Τραπεζῶν Ἀθηνῶν καὶ Ἀνατολῆς, ἡ δὲ κατάταξις θὰ ἀρχίσῃ ἀπὸ πρωίας τῆς Πέμπτης 8 Μαρτίου.

Οἱ καθυστεροῦντες μίαν τῶν δόσεων χάνουσι πᾶν δικαίωμα ἐπὶ τῶν καταβληθεισῶν δόσεων, αἵτινες περιέρχονται εἰς τὴν Ἑταιρείαν. Ἀποδείξεις ἐγγραφῆς καὶ προσωρινοὶ τίτλοι χορηγοῦνται ἀμέσως παρὰ τῶν Τραπεζῶν.

Ἐν Ἀθήναις τῇ 22 Φεβρουαρίου 1912.
Ν.Β. Δημοσιευθήσεται μόνον παρὰ τῶν λαβουσῶν ἔγγραφον ἐντολὴν ἐφημερίδων.
ΚΛΙΝΙΚΗ
ΜΑΙΕΥΤΙΚΗ & ΓΥΝΑΙΚΟΛΟΓΙΚΗ
Κ. ΛΟΥΡΟΥ
ΟΔΟΣ ΣΙΝΑ ΑΡ. 6. — ΑΡ. ΤΗΛΕΦΩΝΟΥ 685

ΤΜΗΜΑ ἐσωτερικῶν ἀρρώστων. — Ἐν τῷ τμήματι τούτῳ, ἀποτελουμένῳ ἐκ κλινῶν Μαιευτικῶν καὶ Γυναικολογικῶν, γίνονται δεκταὶ ἔγκυοι, ἐπίτοκοι καὶ πάσχουσαι ἐκ γυναικολογικῶν νοσημάτων. Ἑκάστη ἀσθενὴς καταβάλλει διὰ νοσήλεια, θεραπείαν, φάρμακα καὶ δίαιταν δραχμὰς 6 ἡμερησίως.

ΤΜΗΜΑ ἐξωτερικῶν ἀρρώστων. — Ἐν τῷ τμήματι τούτῳ ἐξετάζονται δωρεὰν καθ' ἑκάστην ἔγκυοι καὶ πάσχουσαι ἐκ γυναικολογικῶν νοσημάτων ἀπὸ 10—11 π.μ.

Αἱ ἐπίτοκοι δύνανται νὰ εἰσέρχωνται εἰς τὴν κλινικὴν ἀπὸ τῶν πρώτων ὠδίνων. Ἰδιαίτερα δωμάτια διὰ τὰς ἐπιθυμούσας ἀπόλυτον ἀπομόνωσιν.

Ἐκτελοῦνται πᾶσαι αἱ θεραπεῖαι τῶν νεωτέρων μεθόδων· ἐγχύσεις θερμοῦ ἀέρος, ἐντριβαὶ (massage), ἠλεκτροθεραπεία, θεραπεῖαι τοῦ καθηγητοῦ Bier, ὡς καὶ ἡ διὰ τῶν ὑπεριωδῶν ἀκτίνων τοιαύτη.

ΕΛΛΗΝΙΚΟΝ
ΕΜΠΟΡΙΚΟΝ ΕΠΙΜΕΛΗΤΗΡΙΟΝ
ΧΡ. ΧΡΗΣΤΟΦΗ
Ἐν Buenos-Aires τῆς Ἀργεντινῆς Δημοκρατίας.	Ὁδὸς Calle Tucumán No 337
«Ἑταιρίαι — Ναυτιλία — Μετανάστευσις»

Εἰσαγωγή. Διεθνεῖς πωλήσεις ἐμπορευμάτων Ἑλλάδος, Ἀνατολῆς. — Ἐμπορικαὶ ἀντιπροσωπεῖαι οἴκων πάσης φύσεως.

Ἐξαγωγή. Ἀργεντινῶν προϊόντων, — δερμάτων, σιτηρῶν, μαλλίων κλπ.

Ναυτιλία. Παραλαβή, διεκπεραίωσις καὶ φορτώσεις ἐμπορευμάτων, τροφοδοσίαι ἀτμοπλοίων, εὑρέσεις ναύλων.

Διὰ περισσοτέρας πληροφορίας ἀποτείνεσθαι πρὸς τὴν ἐν Πειραιεῖ Τραπεζιτικὴν Ἑταιρίαν «Ἀ. Παναγιωτοπούλου», ἀντιπρόσωπον τῆς Ἑταιρείας.

Δάνεια πρὸς 6 καὶ 3 1)4 ο)ο ἐνυπόθηκα χορηγοῦνται ἀμέσως. Πωλοῦνται οἰκίαι εἰς ὅλας τὰς συνοικίας. Εἰς τὸ Γραφεῖον κτημάτων καὶ δανείων Σπ. Μπαλάνου, ὁδὸς Θεάτρου ἀριθ. 9.

ΖΗΤΕΙΤΑΙ μάγειρος διὰ ξενοδοχεῖον. Πληροφορίαι καθ' ἑκάστην, ὁδὸς Ἀθηνᾶς 51, ὄπισθεν Δημαρχείου.

ΖΗΤΕΙΤΑΙ Ἀγγλὶς διδασκάλισσα διὰ τὸ ἐξωτερικόν. Ἀπαιτοῦνται συστάσεις. Πληροφορίαι παρ' ἡμῖν.
